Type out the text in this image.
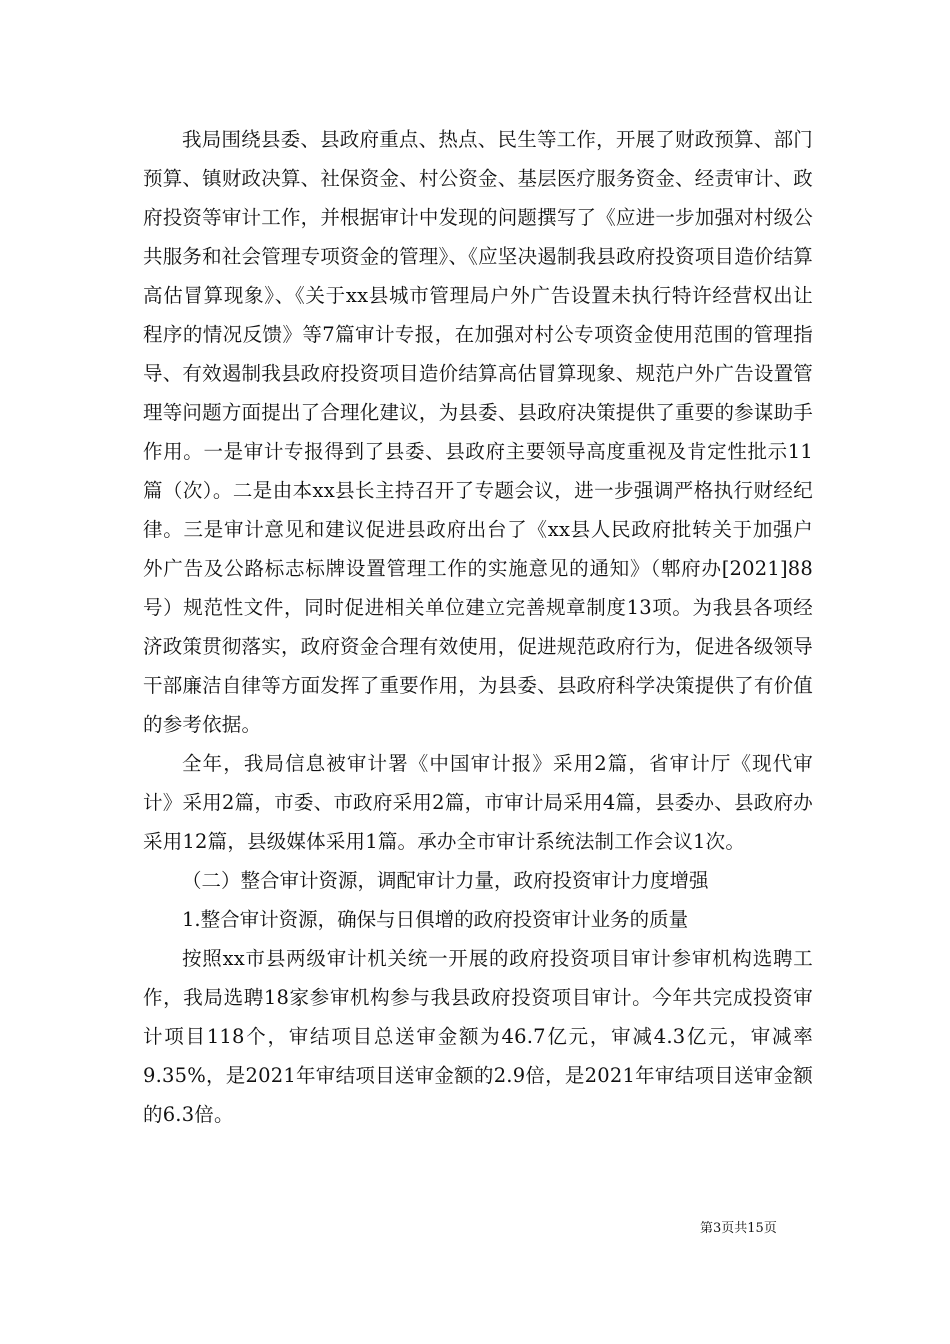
我局围绕县委、县政府重点、热点、民生等工作，开展了财政预算、部门预算、镇财政决算、社保资金、村公资金、基层医疗服务资金、经责审计、政府投资等审计工作，并根据审计中发现的问题撰写了《应进一步加强对村级公共服务和社会管理专项资金的管理》、《应坚决遏制我县政府投资项目造价结算高估冒算现象》、《关于xx县城市管理局户外广告设置未执行特许经营权出让程序的情况反馈》等7篇审计专报，在加强对村公专项资金使用范围的管理指导、有效遏制我县政府投资项目造价结算高估冒算现象、规范户外广告设置管理等问题方面提出了合理化建议，为县委、县政府决策提供了重要的参谋助手作用。一是审计专报得到了县委、县政府主要领导高度重视及肯定性批示11篇（次）。二是由本xx县长主持召开了专题会议，进一步强调严格执行财经纪律。三是审计意见和建议促进县政府出台了《xx县人民政府批转关于加强户外广告及公路标志标牌设置管理工作的实施意见的通知》（郫府办[2021]88号）规范性文件，同时促进相关单位建立完善规章制度13项。为我县各项经济政策贯彻落实，政府资金合理有效使用，促进规范政府行为，促进各级领导干部廉洁自律等方面发挥了重要作用，为县委、县政府科学决策提供了有价值的参考依据。

全年，我局信息被审计署《中国审计报》采用2篇，省审计厅《现代审计》采用2篇，市委、市政府采用2篇，市审计局采用4篇，县委办、县政府办采用12篇，县级媒体采用1篇。承办全市审计系统法制工作会议1次。

（二）整合审计资源，调配审计力量，政府投资审计力度增强

1.整合审计资源，确保与日俱增的政府投资审计业务的质量

按照xx市县两级审计机关统一开展的政府投资项目审计参审机构选聘工作，我局选聘18家参审机构参与我县政府投资项目审计。今年共完成投资审计项目118个，审结项目总送审金额为46.7亿元，审减4.3亿元，审减率9.35%，是2021年审结项目送审金额的2.9倍，是2021年审结项目送审金额的6.3倍。

第3页共15页
